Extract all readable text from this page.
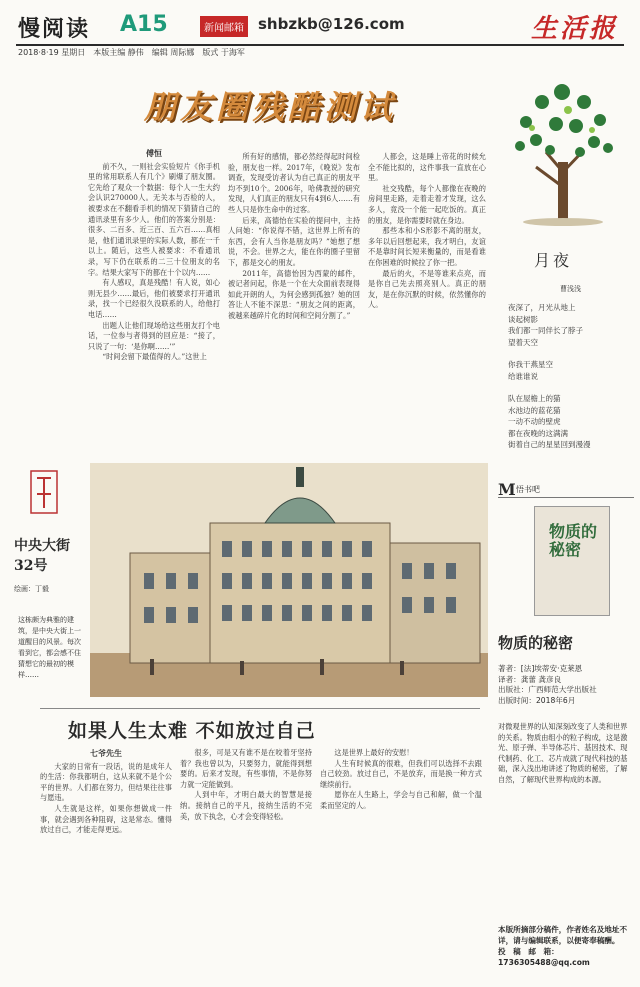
慢阅读 A15	新闻邮箱 shbzkb@126.com	生活报
2018·8·19 星期日　本版主编 静伟　编辑 周际娜　版式 于海军
朋友圈残酷测试
傅恒

前不久，一则社会实验短片《你手机里的常用联系人有几个》刷爆了朋友圈。它先给了观众一个数据：每个人一生大约会认识270000人。无关本与否检的人，被要求在不翻看手机的情况下猜猜自己的通讯录里有多少人。他们的答案分别是：很多、二百多、近三百、五六百……真相是，他们通讯录里的实际人数，都在一千以上。随后，这些人被要求：不看通讯录，写下仍在联系的二三十位朋友的名字。结果大家写下的都在十个以内……

有人感叹，真是残酷！有人说，如心则无县少……最后，他们被要求打开通讯录，找一个已经很久没联系的人，给他打电话……

出题人让他们现场给这些朋友打个电话，一位参与者得到的回应是：“接了，只说了一句：‘是你啊……’”

“时间会留下最值得的人。”这世上

所有好的感情，都必然经得起时间检验，朋友也一样。2017年，《晚说》发布调查，发现受访者认为自己真正的朋友平均不到10个。2006年，哈佛教授的研究发现，人们真正的朋友只有4到6人……有些人只是你生命中的过客。

后来，高德怡在实验的提问中，主持人问她：“你说得不错，这世界上所有的东西，会有人当你是朋友吗？”她想了想说，不会。世界之大，能在你的圈子里留下，都是交心的朋友。

2011年，高德怡因为西蒙的邮件，被记者问起，你是一个在大众面前表现得如此开朗的人，为何会感到孤独？她的回答让人不能不深思：“朋友之间的距离，被越来越碎片化的时间和空间分割了。”

人都会，这是睡上帝花的时候允全不能比拟的，这件事我一直放在心里。

社交残酷，每个人都像在夜晚的房间里走路，走着走着才发现，这么多人，竟没一个能一起吃饭的。真正的朋友，是你需要时就在身边。

那些本和小S形影不离的朋友，多年以后回想起来，我才明白，友谊不是靠时间长短来衡量的，而是看谁在你困难的时候拉了你一把。

最后的火，不是等谁来点亮，而是你自己先去照亮别人。真正的朋友，是在你沉默的时候，依然懂你的人。

中央大街
32号
绘画：丁毅
这栋颇为典雅的建筑，是中央大街上一道醒目的风景。每次看到它，都会感不住猜想它的最初的模样……
如果人生太难 不如放过自己
七爷先生

大家的日常有一段话，说的是成年人的生活：你我都明白，这从来就不是个公平的世界。人们都在努力，但结果往往事与愿违。

人生就是这样，如果你想做成一件事，就会遇到各种阻碍，这是常态。懂得放过自己，才能走得更远。

很多，可是又有谁不是在咬着牙坚持着？我也曾以为，只要努力，就能得到想要的。后来才发现，有些事情，不是你努力就一定能做到。

人到中年，才明白最大的智慧是接纳。接纳自己的平凡，接纳生活的不完美，放下执念，心才会变得轻松。

这是世界上最好的安慰！

人生有时候真的很难，但我们可以选择不去跟自己较劲。放过自己，不是放弃，而是换一种方式继续前行。

愿你在人生路上，学会与自己和解，做一个温柔而坚定的人。

月夜
曹浅浅
夜深了，月光从地上
谈起树影
我们都一同伴长了脖子
望着天空
你我干燕星空
给谁谁说
队在屋檐上的猫
水池边的蓝花猫
一动不动的壁虎
都在夜晚的这满满
街着自己的星星回到漫漫
M 悟书吧
物质的秘密
物质的秘密
著者：[法]埃蒂安·克莱恩
译者：龚蕾 龚彦良
出版社：广西师范大学出版社
出版时间：2018年6月
对微观世界的认知深刻改变了人类和世界的关系。物质由组小的粒子构成，这是激光、原子弹、半导体芯片、基因技术、现代制药、化工、芯片成就了现代科技的基础，深入浅出地讲述了物质的秘密，了解自然，了解现代世界构成的本源。
本版所摘部分稿件，作者姓名及地址不详，请与编辑联系，以便寄奉稿酬。
投　稿　邮　箱：
1736305488@qq.com
